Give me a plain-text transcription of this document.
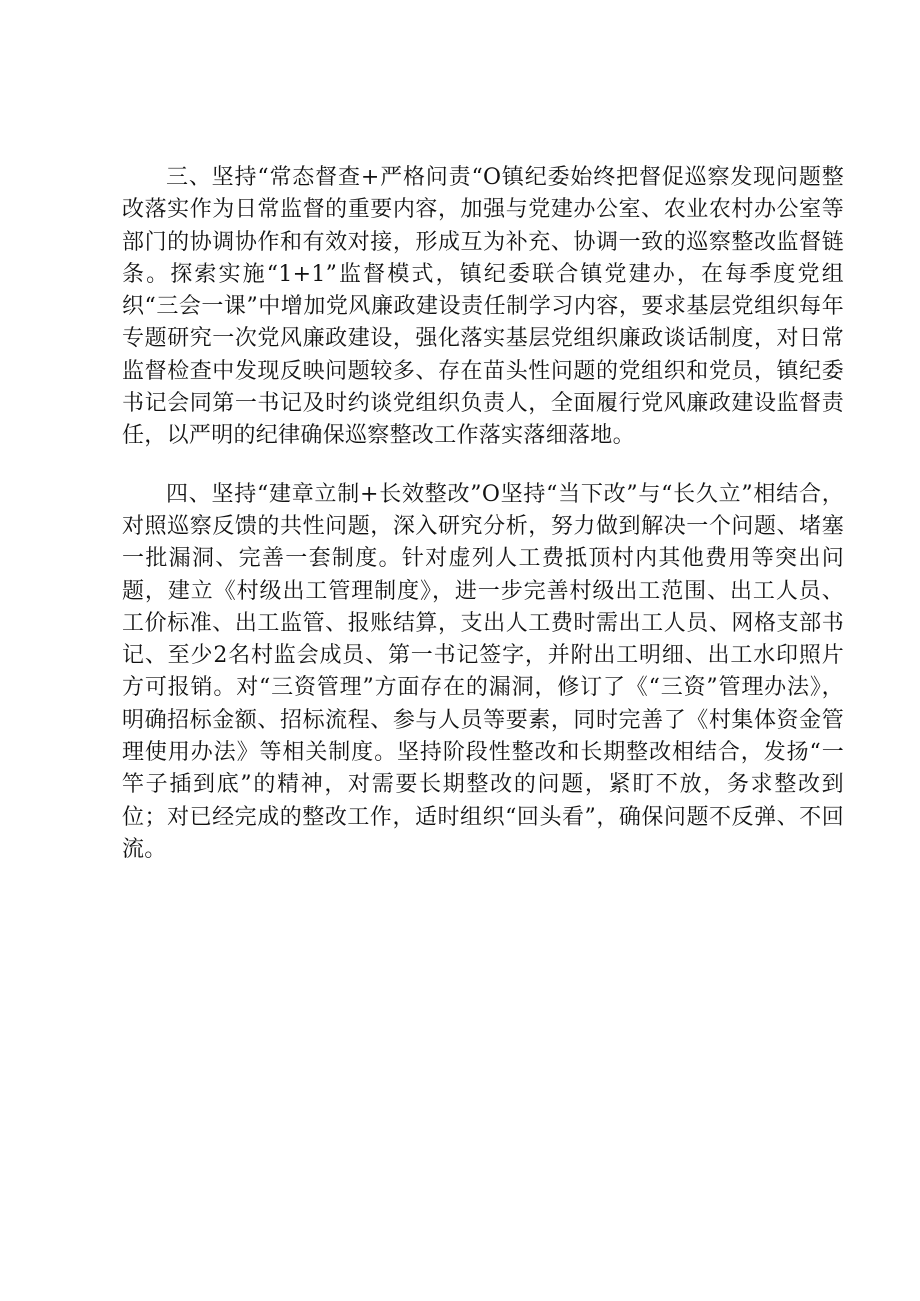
三、坚持“常态督查+严格问责“O镇纪委始终把督促巡察发现问题整改落实作为日常监督的重要内容，加强与党建办公室、农业农村办公室等部门的协调协作和有效对接，形成互为补充、协调一致的巡察整改监督链条。探索实施“1+1”监督模式，镇纪委联合镇党建办，在每季度党组织“三会一课”中增加党风廉政建设责任制学习内容，要求基层党组织每年专题研究一次党风廉政建设，强化落实基层党组织廉政谈话制度，对日常监督检查中发现反映问题较多、存在苗头性问题的党组织和党员，镇纪委书记会同第一书记及时约谈党组织负责人，全面履行党风廉政建设监督责任，以严明的纪律确保巡察整改工作落实落细落地。

四、坚持“建章立制+长效整改”O坚持“当下改”与“长久立”相结合，对照巡察反馈的共性问题，深入研究分析，努力做到解决一个问题、堵塞一批漏洞、完善一套制度。针对虚列人工费抵顶村内其他费用等突出问题，建立《村级出工管理制度》，进一步完善村级出工范围、出工人员、工价标准、出工监管、报账结算，支出人工费时需出工人员、网格支部书记、至少2名村监会成员、第一书记签字，并附出工明细、出工水印照片方可报销。对“三资管理”方面存在的漏洞，修订了《“三资”管理办法》，明确招标金额、招标流程、参与人员等要素，同时完善了《村集体资金管理使用办法》等相关制度。坚持阶段性整改和长期整改相结合，发扬“一竿子插到底”的精神，对需要长期整改的问题，紧盯不放，务求整改到位；对已经完成的整改工作，适时组织“回头看”，确保问题不反弹、不回流。
